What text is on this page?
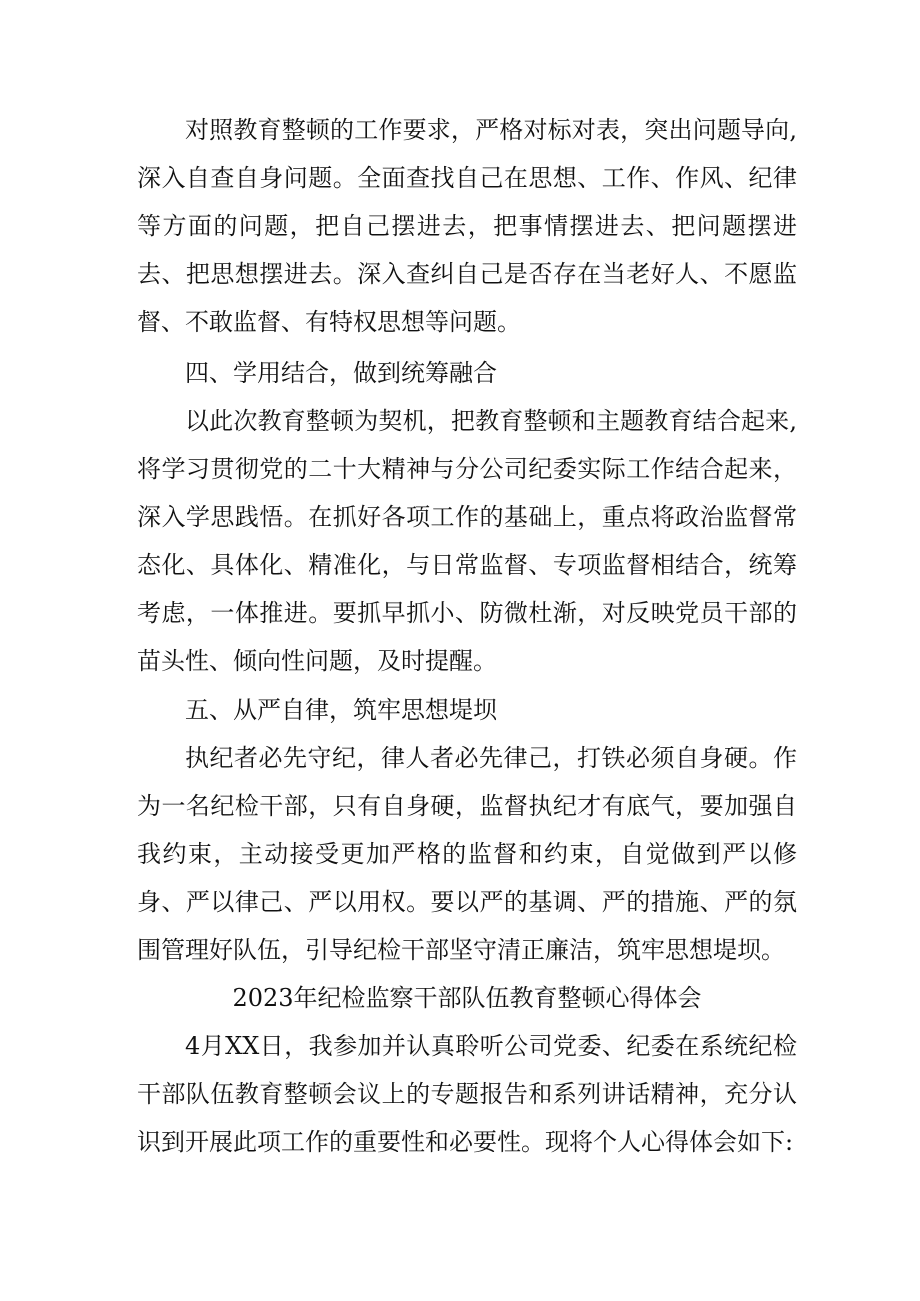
对照教育整顿的工作要求，严格对标对表，突出问题导向,深入自查自身问题。全面查找自己在思想、工作、作风、纪律等方面的问题，把自己摆进去，把事情摆进去、把问题摆进去、把思想摆进去。深入查纠自己是否存在当老好人、不愿监督、不敢监督、有特权思想等问题。

四、学用结合，做到统筹融合

以此次教育整顿为契机，把教育整顿和主题教育结合起来,将学习贯彻党的二十大精神与分公司纪委实际工作结合起来，深入学思践悟。在抓好各项工作的基础上，重点将政治监督常态化、具体化、精准化，与日常监督、专项监督相结合，统筹考虑，一体推进。要抓早抓小、防微杜渐，对反映党员干部的苗头性、倾向性问题，及时提醒。

五、从严自律，筑牢思想堤坝

执纪者必先守纪，律人者必先律己，打铁必须自身硬。作为一名纪检干部，只有自身硬，监督执纪才有底气，要加强自我约束，主动接受更加严格的监督和约束，自觉做到严以修身、严以律己、严以用权。要以严的基调、严的措施、严的氛围管理好队伍，引导纪检干部坚守清正廉洁，筑牢思想堤坝。

2023年纪检监察干部队伍教育整顿心得体会

4月XX日，我参加并认真聆听公司党委、纪委在系统纪检干部队伍教育整顿会议上的专题报告和系列讲话精神，充分认识到开展此项工作的重要性和必要性。现将个人心得体会如下:
